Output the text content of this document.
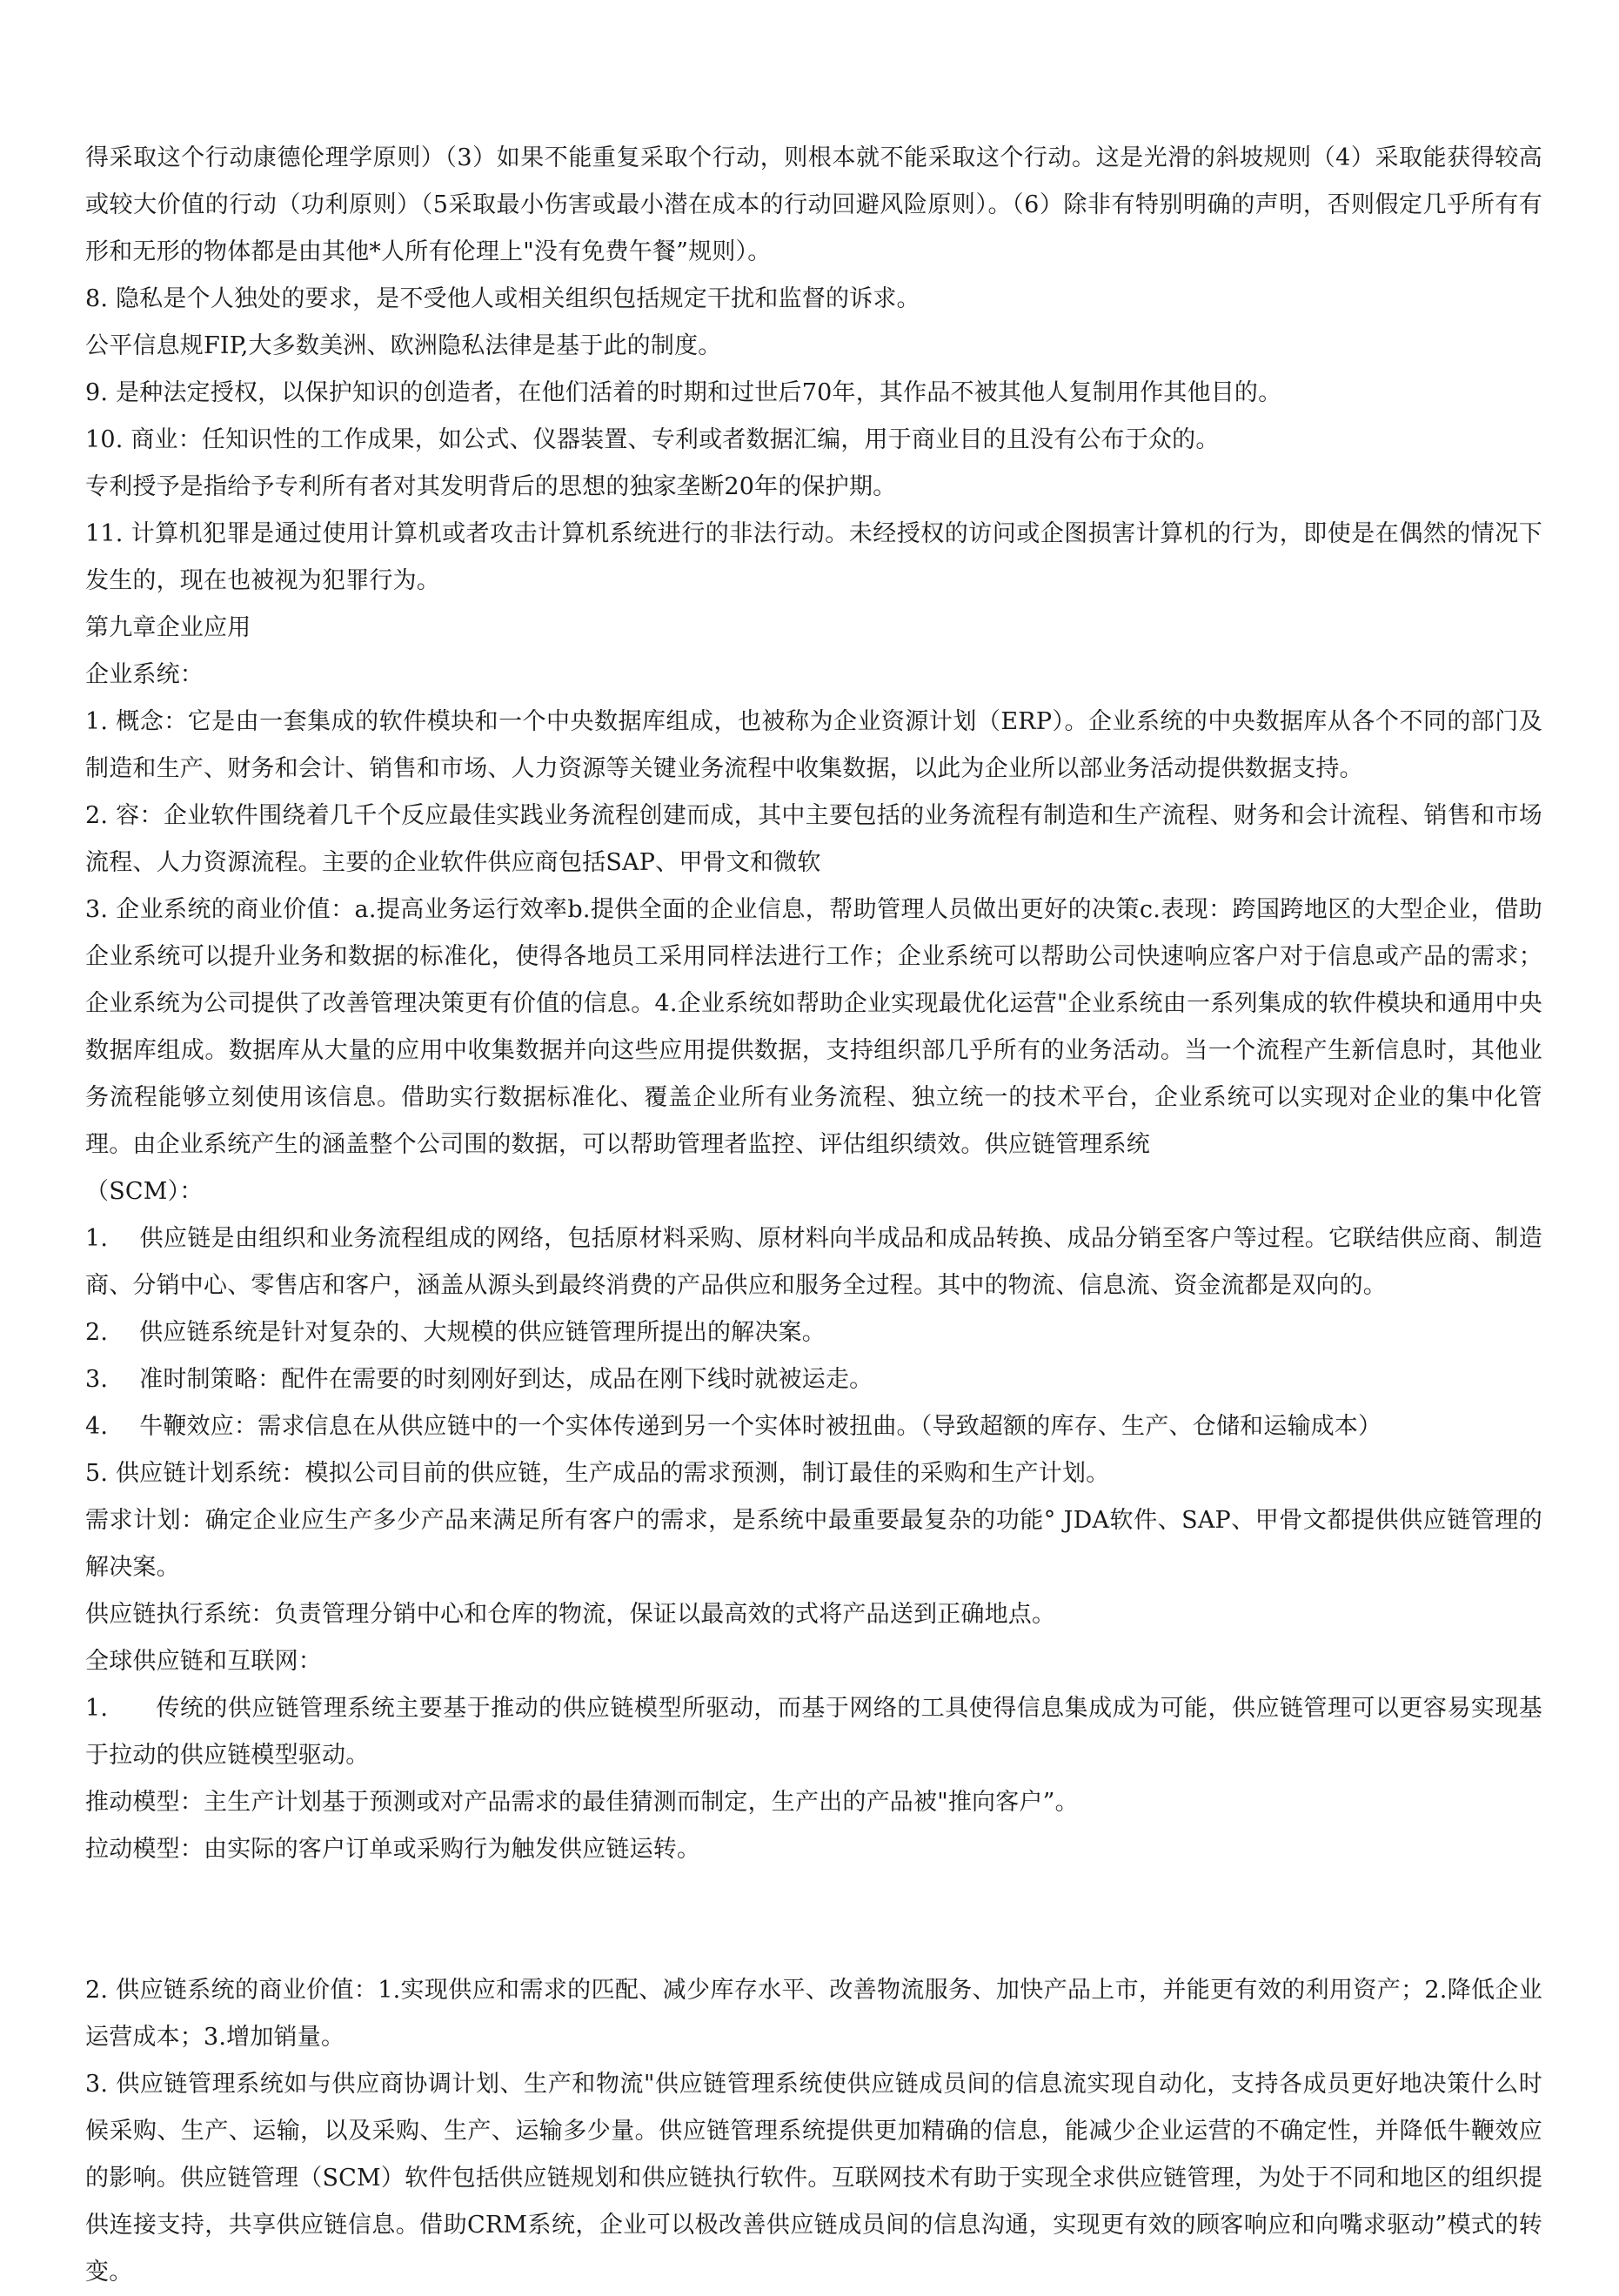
得采取这个行动康德伦理学原则）（3）如果不能重复采取个行动，则根本就不能采取这个行动。这是光滑的斜坡规则（4）采取能获得较高或较大价值的行动（功利原则）（5采取最小伤害或最小潜在成本的行动回避风险原则）。（6）除非有特别明确的声明，否则假定几乎所有有形和无形的物体都是由其他*人所有伦理上"没有免费午餐”规则）。

8. 隐私是个人独处的要求，是不受他人或相关组织包括规定干扰和监督的诉求。

公平信息规FIP,大多数美洲、欧洲隐私法律是基于此的制度。

9. 是种法定授权，以保护知识的创造者，在他们活着的时期和过世后70年，其作品不被其他人复制用作其他目的。

10. 商业：任知识性的工作成果，如公式、仪器装置、专利或者数据汇编，用于商业目的且没有公布于众的。

专利授予是指给予专利所有者对其发明背后的思想的独家垄断20年的保护期。

11. 计算机犯罪是通过使用计算机或者攻击计算机系统进行的非法行动。未经授权的访问或企图损害计算机的行为，即使是在偶然的情况下发生的，现在也被视为犯罪行为。

第九章企业应用

企业系统：

1. 概念：它是由一套集成的软件模块和一个中央数据库组成，也被称为企业资源计划（ERP）。企业系统的中央数据库从各个不同的部门及制造和生产、财务和会计、销售和市场、人力资源等关键业务流程中收集数据，以此为企业所以部业务活动提供数据支持。

2. 容：企业软件围绕着几千个反应最佳实践业务流程创建而成，其中主要包括的业务流程有制造和生产流程、财务和会计流程、销售和市场流程、人力资源流程。主要的企业软件供应商包括SAP、甲骨文和微软

3. 企业系统的商业价值：a.提高业务运行效率b.提供全面的企业信息，帮助管理人员做出更好的决策c.表现：跨国跨地区的大型企业，借助企业系统可以提升业务和数据的标准化，使得各地员工采用同样法进行工作；企业系统可以帮助公司快速响应客户对于信息或产品的需求；企业系统为公司提供了改善管理决策更有价值的信息。4.企业系统如帮助企业实现最优化运营"企业系统由一系列集成的软件模块和通用中央数据库组成。数据库从大量的应用中收集数据并向这些应用提供数据，支持组织部几乎所有的业务活动。当一个流程产生新信息时，其他业务流程能够立刻使用该信息。借助实行数据标准化、覆盖企业所有业务流程、独立统一的技术平台，企业系统可以实现对企业的集中化管理。由企业系统产生的涵盖整个公司围的数据，可以帮助管理者监控、评估组织绩效。供应链管理系统

（SCM）：

1.　 供应链是由组织和业务流程组成的网络，包括原材料采购、原材料向半成品和成品转换、成品分销至客户等过程。它联结供应商、制造商、分销中心、零售店和客户，涵盖从源头到最终消费的产品供应和服务全过程。其中的物流、信息流、资金流都是双向的。

2.　 供应链系统是针对复杂的、大规模的供应链管理所提出的解决案。

3.　 准时制策略：配件在需要的时刻刚好到达，成品在刚下线时就被运走。

4.　 牛鞭效应：需求信息在从供应链中的一个实体传递到另一个实体时被扭曲。（导致超额的库存、生产、仓储和运输成本）

5. 供应链计划系统：模拟公司目前的供应链，生产成品的需求预测，制订最佳的采购和生产计划。

需求计划：确定企业应生产多少产品来满足所有客户的需求，是系统中最重要最复杂的功能° JDA软件、SAP、甲骨文都提供供应链管理的解决案。

供应链执行系统：负责管理分销中心和仓库的物流，保证以最高效的式将产品送到正确地点。

全球供应链和互联网：

1.　　传统的供应链管理系统主要基于推动的供应链模型所驱动，而基于网络的工具使得信息集成成为可能，供应链管理可以更容易实现基于拉动的供应链模型驱动。

推动模型：主生产计划基于预测或对产品需求的最佳猜测而制定，生产出的产品被"推向客户”。

拉动模型：由实际的客户订单或采购行为触发供应链运转。

2. 供应链系统的商业价值：1.实现供应和需求的匹配、减少库存水平、改善物流服务、加快产品上市，并能更有效的利用资产；2.降低企业运营成本；3.增加销量。

3. 供应链管理系统如与供应商协调计划、生产和物流"供应链管理系统使供应链成员间的信息流实现自动化，支持各成员更好地决策什么时候采购、生产、运输，以及采购、生产、运输多少量。供应链管理系统提供更加精确的信息，能减少企业运营的不确定性，并降低牛鞭效应的影响。供应链管理（SCM）软件包括供应链规划和供应链执行软件。互联网技术有助于实现全求供应链管理，为处于不同和地区的组织提供连接支持，共享供应链信息。借助CRM系统，企业可以极改善供应链成员间的信息沟通，实现更有效的顾客响应和向嘴求驱动”模式的转变。
